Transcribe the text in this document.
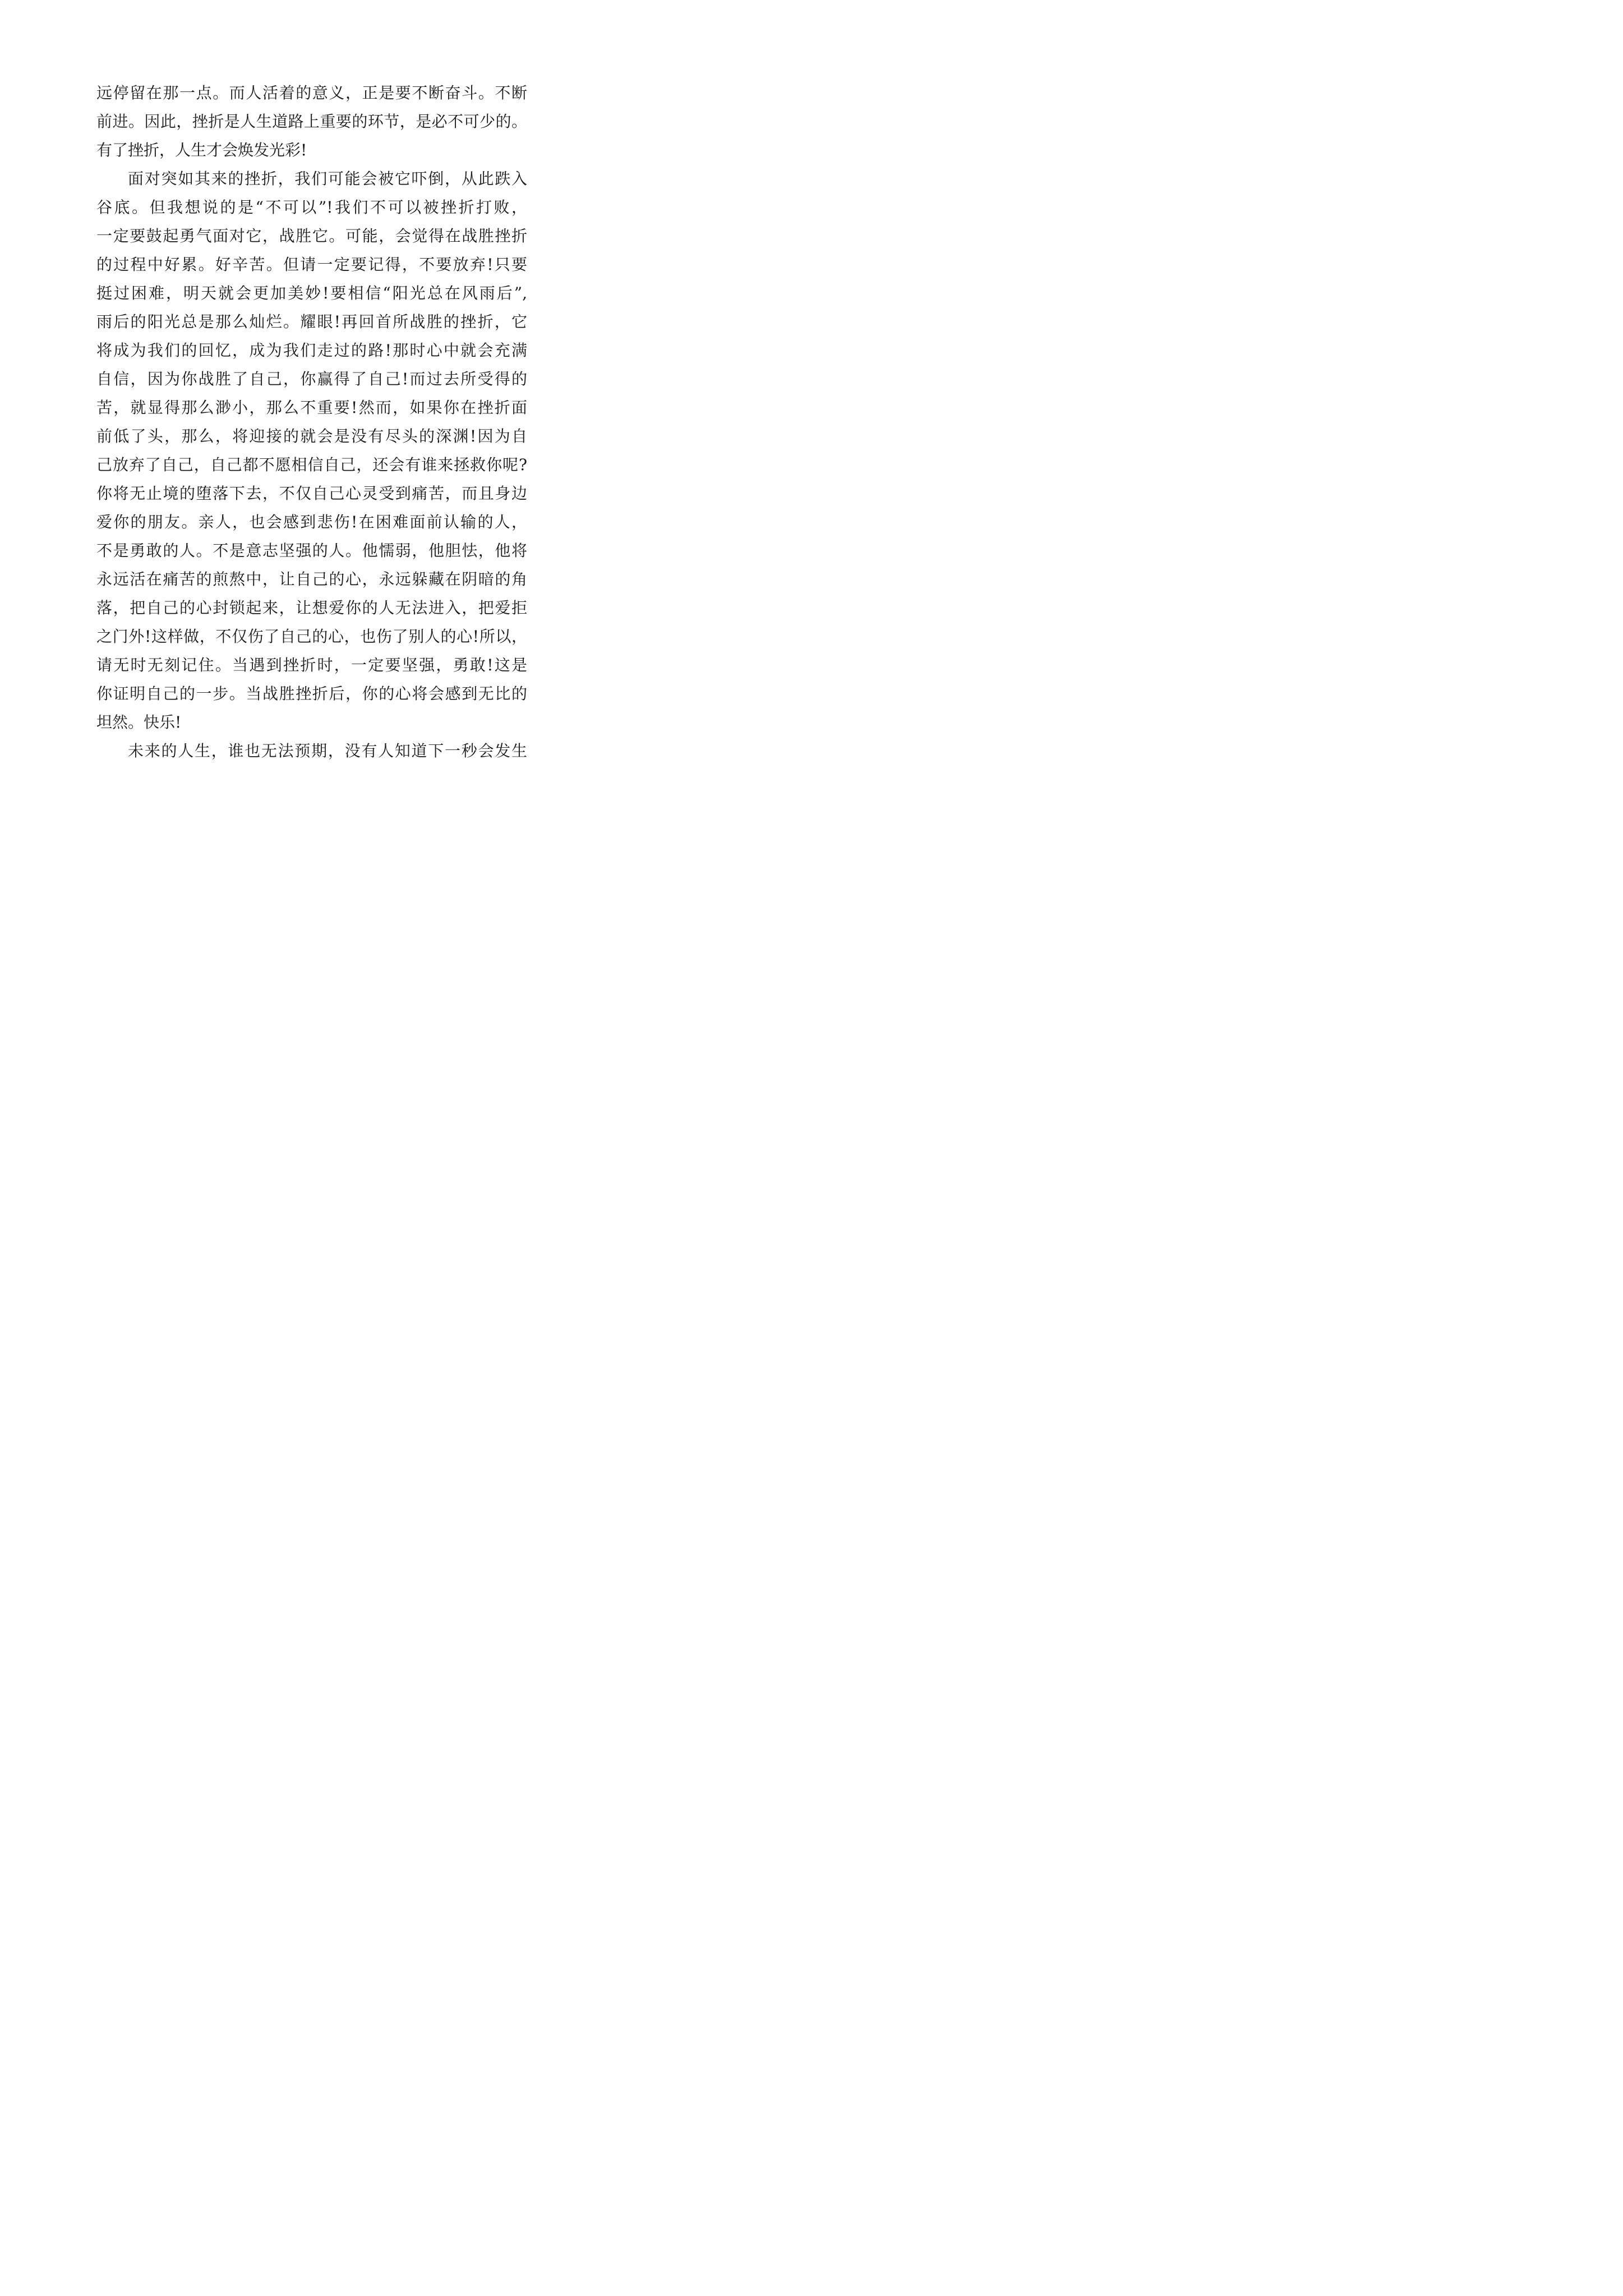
远停留在那一点。而人活着的意义，正是要不断奋斗。不断
前进。因此，挫折是人生道路上重要的环节，是必不可少的。
有了挫折，人生才会焕发光彩!
面对突如其来的挫折，我们可能会被它吓倒，从此跌入
谷底。但我想说的是“不可以”!我们不可以被挫折打败，
一定要鼓起勇气面对它，战胜它。可能，会觉得在战胜挫折
的过程中好累。好辛苦。但请一定要记得，不要放弃!只要
挺过困难，明天就会更加美妙!要相信“阳光总在风雨后”,
雨后的阳光总是那么灿烂。耀眼!再回首所战胜的挫折，它
将成为我们的回忆，成为我们走过的路!那时心中就会充满
自信，因为你战胜了自己，你赢得了自己!而过去所受得的
苦，就显得那么渺小，那么不重要!然而，如果你在挫折面
前低了头，那么，将迎接的就会是没有尽头的深渊!因为自
己放弃了自己，自己都不愿相信自己，还会有谁来拯救你呢?
你将无止境的堕落下去，不仅自己心灵受到痛苦，而且身边
爱你的朋友。亲人，也会感到悲伤!在困难面前认输的人，
不是勇敢的人。不是意志坚强的人。他懦弱，他胆怯，他将
永远活在痛苦的煎熬中，让自己的心，永远躲藏在阴暗的角
落，把自己的心封锁起来，让想爱你的人无法进入，把爱拒
之门外!这样做，不仅伤了自己的心，也伤了别人的心!所以，
请无时无刻记住。当遇到挫折时，一定要坚强，勇敢!这是
你证明自己的一步。当战胜挫折后，你的心将会感到无比的
坦然。快乐!
未来的人生，谁也无法预期，没有人知道下一秒会发生
